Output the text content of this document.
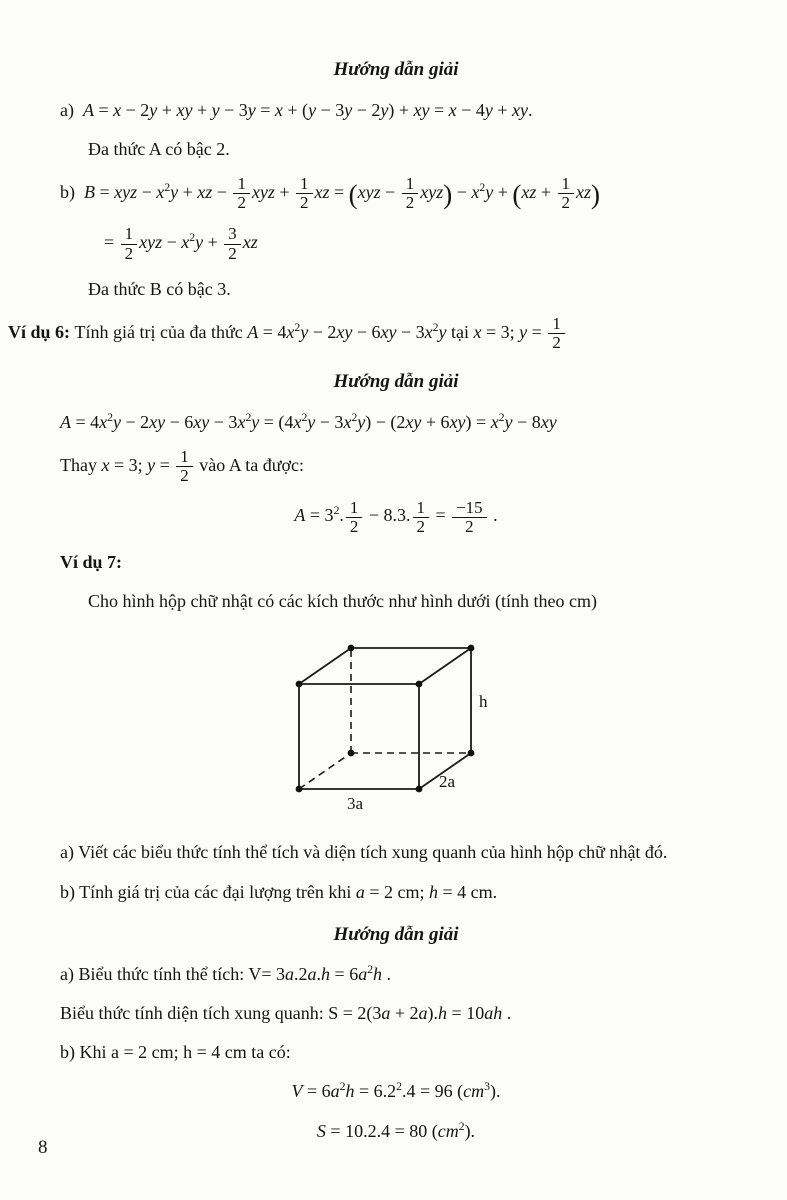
Hướng dẫn giải
a)  A = x − 2y + xy + y − 3y = x + (y − 3y − 2y) + xy = x − 4y + xy.
Đa thức A có bậc 2.
b)  B = xyz − $x^2y$ + xz − $\frac{1}{2}$ xyz + $\frac{1}{2}$ xz = $(xyz - \frac{1}{2} xyz) - x^2y + (xz + \frac{1}{2} xz)$
= $\frac{1}{2}$ xyz − $x^2y + \frac{3}{2}$ xz
Đa thức B có bậc 3.
Ví dụ 6: Tính giá trị của đa thức $A = 4x^2y - 2xy - 6xy - 3x^2y$ tại x = 3; $y = \frac{1}{2}$
Hướng dẫn giải
$A = 4x^2y - 2xy - 6xy - 3x^2y = (4x^2y - 3x^2y) - (2xy + 6xy) = x^2y - 8xy$
Thay x = 3; $y = \frac{1}{2}$ vào A ta được:
$A = 3^2$. $\frac{1}{2} - 8.3$. $\frac{1}{2} = \frac{-15}{2}$ .
Ví dụ 7:
Cho hình hộp chữ nhật có các kích thước như hình dưới (tính theo cm)
h
2a
3a
a) Viết các biểu thức tính thể tích và diện tích xung quanh của hình hộp chữ nhật đó.
b) Tính giá trị của các đại lượng trên khi a = 2 cm; h = 4 cm.
Hướng dẫn giải
a) Biểu thức tính thể tích: $V= 3a.2a.h = 6a^2h$ .
Biểu thức tính diện tích xung quanh: S = 2(3a + 2a).h = 10ah .
b) Khi a = 2 cm; h = 4 cm ta có:
$V = 6a^2h = 6.2^2.4 = 96$ $(cm^3)$.
S = 10.2.4 = 80 $(cm^2)$.
8
